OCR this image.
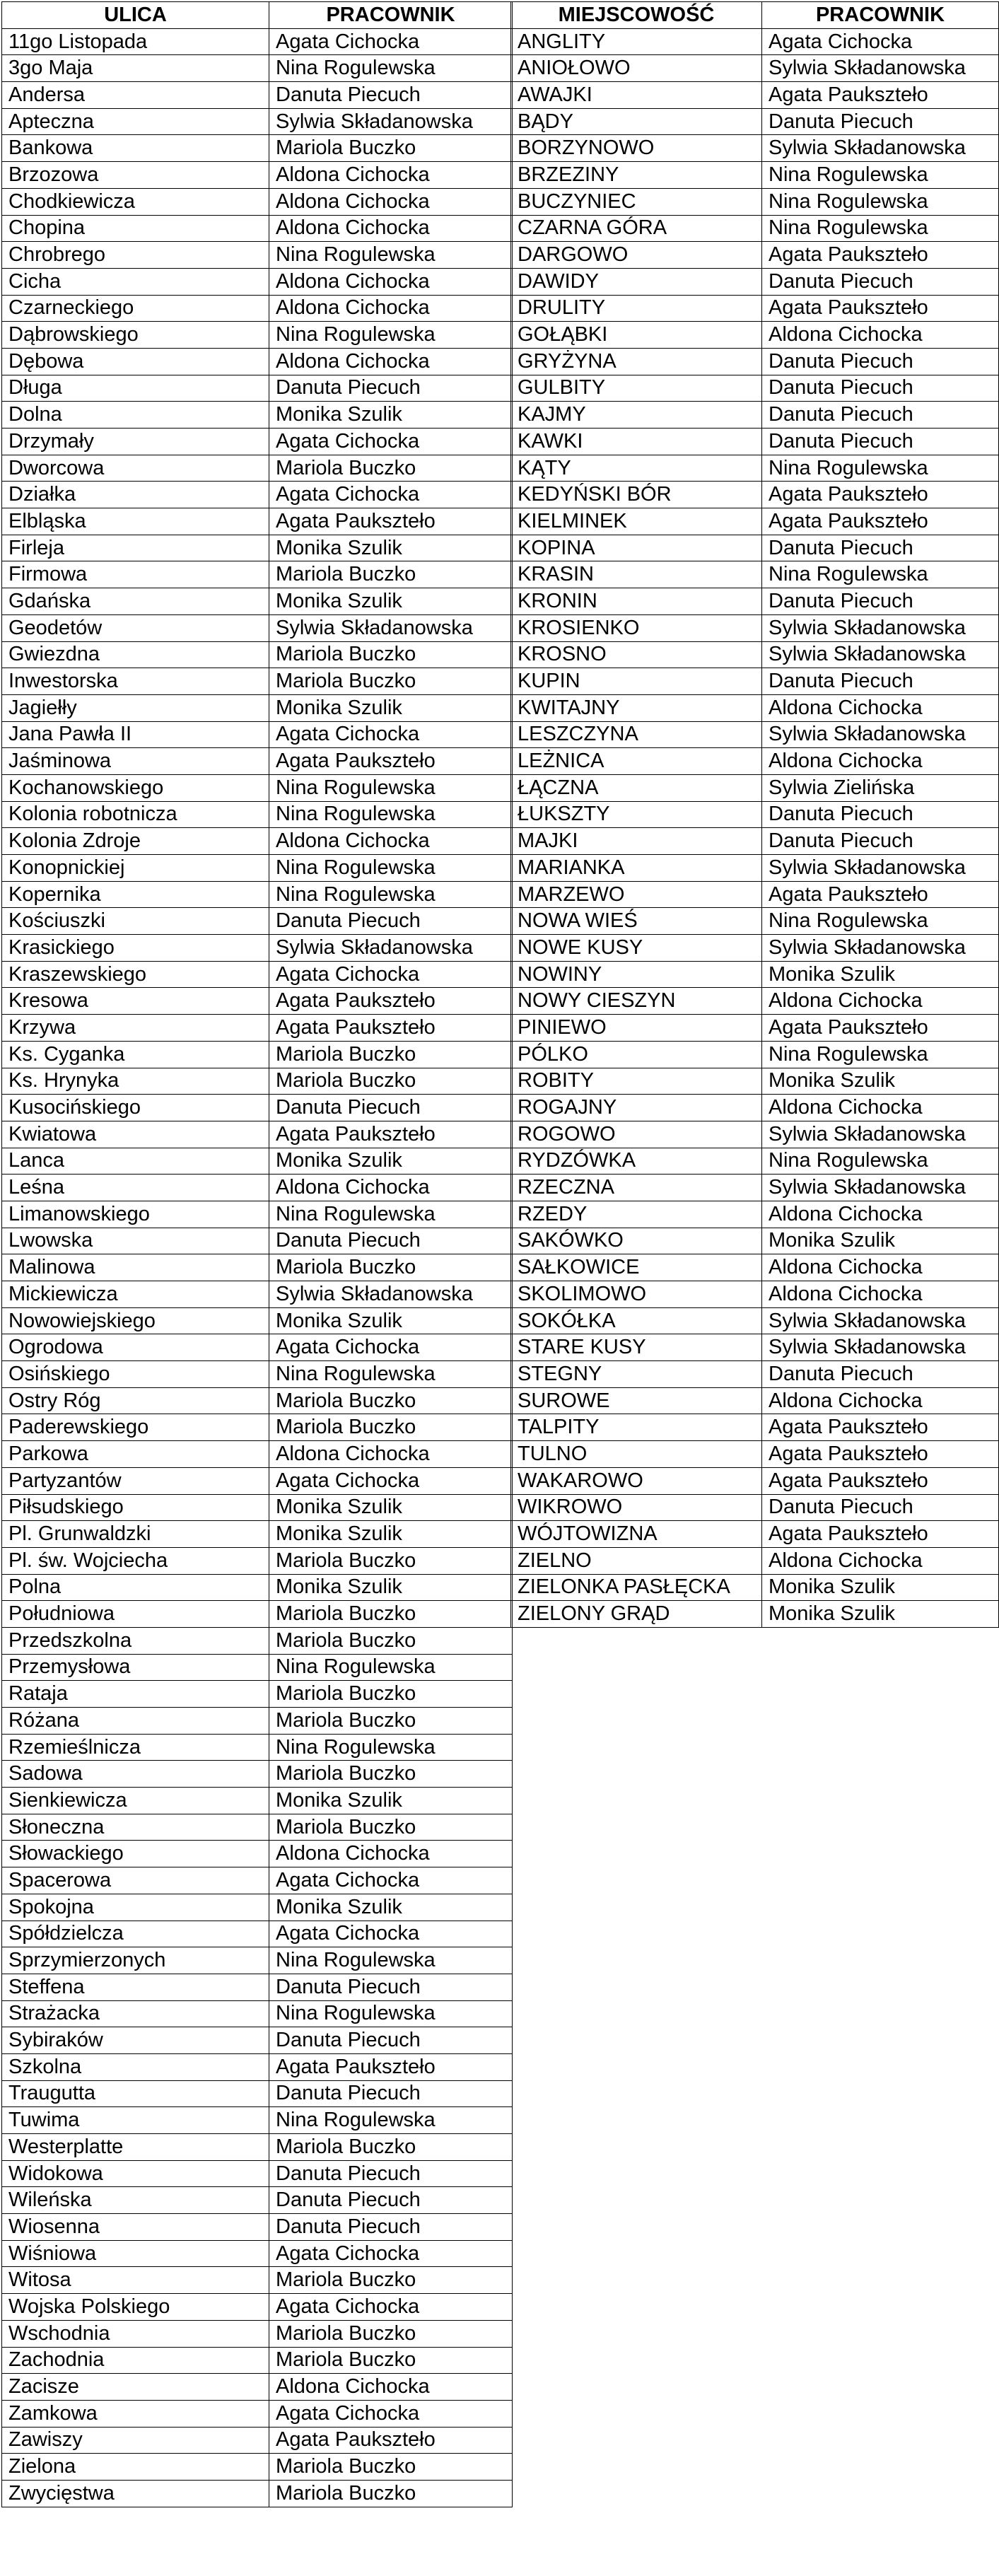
ULICA	PRACOWNIK
11go Listopada	Agata Cichocka
3go Maja	Nina Rogulewska
Andersa	Danuta Piecuch
Apteczna	Sylwia Składanowska
Bankowa	Mariola Buczko
Brzozowa	Aldona Cichocka
Chodkiewicza	Aldona Cichocka
Chopina	Aldona Cichocka
Chrobrego	Nina Rogulewska
Cicha	Aldona Cichocka
Czarneckiego	Aldona Cichocka
Dąbrowskiego	Nina Rogulewska
Dębowa	Aldona Cichocka
Długa	Danuta Piecuch
Dolna	Monika Szulik
Drzymały	Agata Cichocka
Dworcowa	Mariola Buczko
Działka	Agata Cichocka
Elbląska	Agata Paukszteło
Firleja	Monika Szulik
Firmowa	Mariola Buczko
Gdańska	Monika Szulik
Geodetów	Sylwia Składanowska
Gwiezdna	Mariola Buczko
Inwestorska	Mariola Buczko
Jagiełły	Monika Szulik
Jana Pawła II	Agata Cichocka
Jaśminowa	Agata Paukszteło
Kochanowskiego	Nina Rogulewska
Kolonia robotnicza	Nina Rogulewska
Kolonia Zdroje	Aldona Cichocka
Konopnickiej	Nina Rogulewska
Kopernika	Nina Rogulewska
Kościuszki	Danuta Piecuch
Krasickiego	Sylwia Składanowska
Kraszewskiego	Agata Cichocka
Kresowa	Agata Paukszteło
Krzywa	Agata Paukszteło
Ks. Cyganka	Mariola Buczko
Ks. Hrynyka	Mariola Buczko
Kusocińskiego	Danuta Piecuch
Kwiatowa	Agata Paukszteło
Lanca	Monika Szulik
Leśna	Aldona Cichocka
Limanowskiego	Nina Rogulewska
Lwowska	Danuta Piecuch
Malinowa	Mariola Buczko
Mickiewicza	Sylwia Składanowska
Nowowiejskiego	Monika Szulik
Ogrodowa	Agata Cichocka
Osińskiego	Nina Rogulewska
Ostry Róg	Mariola Buczko
Paderewskiego	Mariola Buczko
Parkowa	Aldona Cichocka
Partyzantów	Agata Cichocka
Piłsudskiego	Monika Szulik
Pl. Grunwaldzki	Monika Szulik
Pl. św. Wojciecha	Mariola Buczko
Polna	Monika Szulik
Południowa	Mariola Buczko
Przedszkolna	Mariola Buczko
Przemysłowa	Nina Rogulewska
Rataja	Mariola Buczko
Różana	Mariola Buczko
Rzemieślnicza	Nina Rogulewska
Sadowa	Mariola Buczko
Sienkiewicza	Monika Szulik
Słoneczna	Mariola Buczko
Słowackiego	Aldona Cichocka
Spacerowa	Agata Cichocka
Spokojna	Monika Szulik
Spółdzielcza	Agata Cichocka
Sprzymierzonych	Nina Rogulewska
Steffena	Danuta Piecuch
Strażacka	Nina Rogulewska
Sybiraków	Danuta Piecuch
Szkolna	Agata Paukszteło
Traugutta	Danuta Piecuch
Tuwima	Nina Rogulewska
Westerplatte	Mariola Buczko
Widokowa	Danuta Piecuch
Wileńska	Danuta Piecuch
Wiosenna	Danuta Piecuch
Wiśniowa	Agata Cichocka
Witosa	Mariola Buczko
Wojska Polskiego	Agata Cichocka
Wschodnia	Mariola Buczko
Zachodnia	Mariola Buczko
Zacisze	Aldona Cichocka
Zamkowa	Agata Cichocka
Zawiszy	Agata Paukszteło
Zielona	Mariola Buczko
Zwycięstwa	Mariola Buczko
MIEJSCOWOŚĆ	PRACOWNIK
ANGLITY	Agata Cichocka
ANIOŁOWO	Sylwia Składanowska
AWAJKI	Agata Paukszteło
BĄDY	Danuta Piecuch
BORZYNOWO	Sylwia Składanowska
BRZEZINY	Nina Rogulewska
BUCZYNIEC	Nina Rogulewska
CZARNA GÓRA	Nina Rogulewska
DARGOWO	Agata Paukszteło
DAWIDY	Danuta Piecuch
DRULITY	Agata Paukszteło
GOŁĄBKI	Aldona Cichocka
GRYŻYNA	Danuta Piecuch
GULBITY	Danuta Piecuch
KAJMY	Danuta Piecuch
KAWKI	Danuta Piecuch
KĄTY	Nina Rogulewska
KEDYŃSKI BÓR	Agata Paukszteło
KIELMINEK	Agata Paukszteło
KOPINA	Danuta Piecuch
KRASIN	Nina Rogulewska
KRONIN	Danuta Piecuch
KROSIENKO	Sylwia Składanowska
KROSNO	Sylwia Składanowska
KUPIN	Danuta Piecuch
KWITAJNY	Aldona Cichocka
LESZCZYNA	Sylwia Składanowska
LEŻNICA	Aldona Cichocka
ŁĄCZNA	Sylwia Zielińska
ŁUKSZTY	Danuta Piecuch
MAJKI	Danuta Piecuch
MARIANKA	Sylwia Składanowska
MARZEWO	Agata Paukszteło
NOWA WIEŚ	Nina Rogulewska
NOWE KUSY	Sylwia Składanowska
NOWINY	Monika Szulik
NOWY CIESZYN	Aldona Cichocka
PINIEWO	Agata Paukszteło
PÓLKO	Nina Rogulewska
ROBITY	Monika Szulik
ROGAJNY	Aldona Cichocka
ROGOWO	Sylwia Składanowska
RYDZÓWKA	Nina Rogulewska
RZECZNA	Sylwia Składanowska
RZEDY	Aldona Cichocka
SAKÓWKO	Monika Szulik
SAŁKOWICE	Aldona Cichocka
SKOLIMOWO	Aldona Cichocka
SOKÓŁKA	Sylwia Składanowska
STARE KUSY	Sylwia Składanowska
STEGNY	Danuta Piecuch
SUROWE	Aldona Cichocka
TALPITY	Agata Paukszteło
TULNO	Agata Paukszteło
WAKAROWO	Agata Paukszteło
WIKROWO	Danuta Piecuch
WÓJTOWIZNA	Agata Paukszteło
ZIELNO	Aldona Cichocka
ZIELONKA PASŁĘCKA	Monika Szulik
ZIELONY GRĄD	Monika Szulik
